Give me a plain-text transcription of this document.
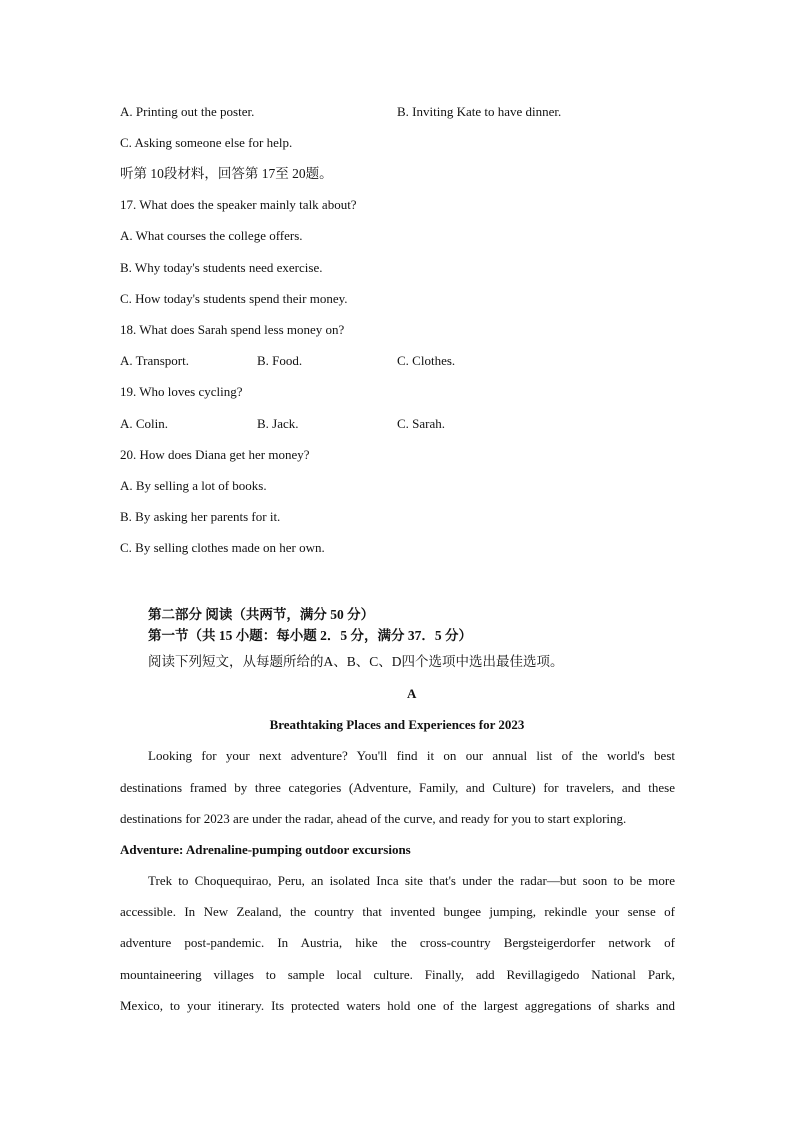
A. Printing out the poster.	B. Inviting Kate to have dinner.
C. Asking someone else for help.
听第 10段材料，回答第 17至 20题。
17. What does the speaker mainly talk about?
A. What courses the college offers.
B. Why today's students need exercise.
C. How today's students spend their money.
18. What does Sarah spend less money on?
A. Transport.	B. Food.	C. Clothes.
19. Who loves cycling?
A. Colin.	B. Jack.	C. Sarah.
20. How does Diana get her money?
A. By selling a lot of books.
B. By asking her parents for it.
C. By selling clothes made on her own.
第二部分 阅读（共两节，满分 50 分）
第一节（共 15 小题：每小题 2．5 分，满分 37．5 分）
阅读下列短文，从每题所给的A、B、C、D四个选项中选出最佳选项。
A
Breathtaking Places and Experiences for 2023
Looking for your next adventure? You'll find it on our annual list of the world's best
destinations framed by three categories (Adventure, Family, and Culture) for travelers, and these
destinations for 2023 are under the radar, ahead of the curve, and ready for you to start exploring.
Adventure: Adrenaline-pumping outdoor excursions
Trek to Choquequirao, Peru, an isolated Inca site that's under the radar—but soon to be more
accessible. In New Zealand, the country that invented bungee jumping, rekindle your sense of
adventure post-pandemic. In Austria, hike the cross-country Bergsteigerdorfer network of
mountaineering villages to sample local culture. Finally, add Revillagigedo National Park,
Mexico, to your itinerary. Its protected waters hold one of the largest aggregations of sharks and
